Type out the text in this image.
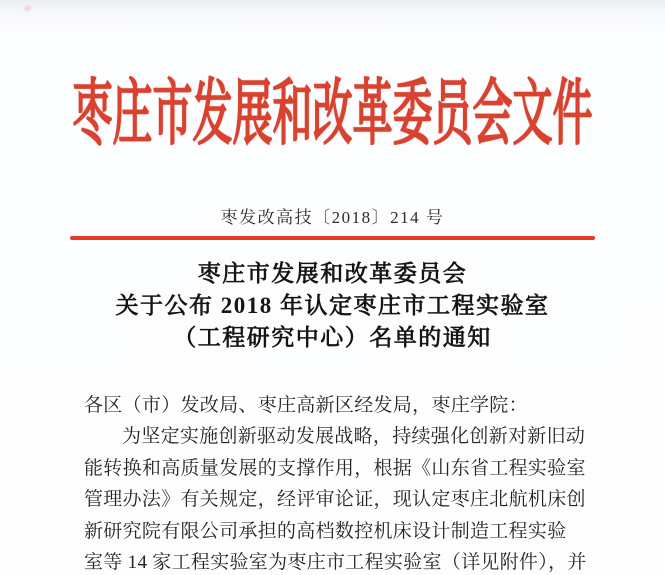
枣庄市发展和改革委员会文件
枣发改高技〔2018〕214 号
枣庄市发展和改革委员会
关于公布 2018 年认定枣庄市工程实验室
（工程研究中心）名单的通知
各区（市）发改局、枣庄高新区经发局，枣庄学院：
为坚定实施创新驱动发展战略，持续强化创新对新旧动
能转换和高质量发展的支撑作用，根据《山东省工程实验室
管理办法》有关规定，经评审论证，现认定枣庄北航机床创
新研究院有限公司承担的高档数控机床设计制造工程实验
室等 14 家工程实验室为枣庄市工程实验室（详见附件），并
